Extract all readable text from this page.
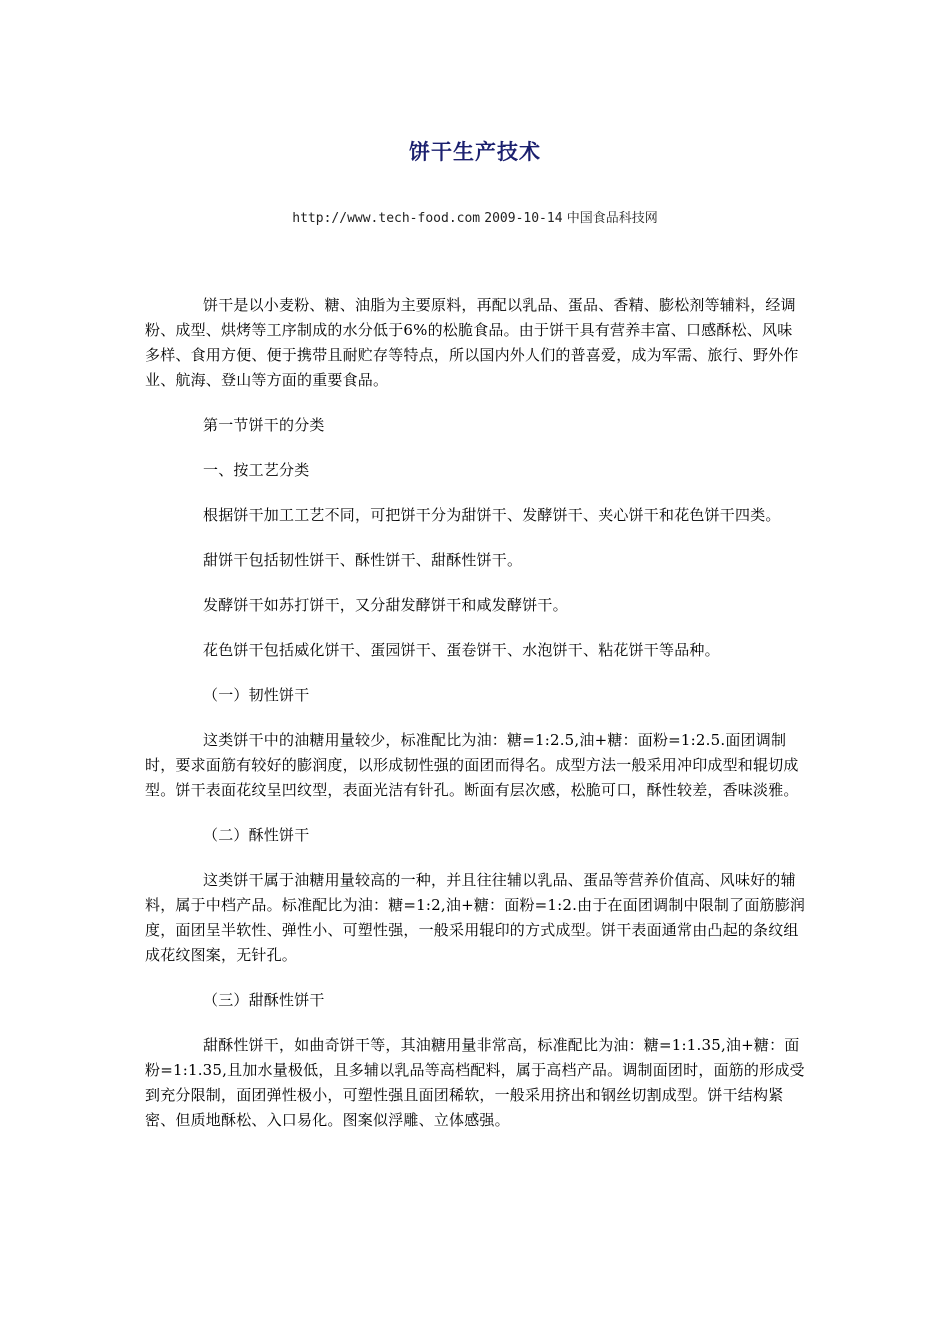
饼干生产技术
http://www.tech-food.com 2009-10-14 中国食品科技网

饼干是以小麦粉、糖、油脂为主要原料，再配以乳品、蛋品、香精、膨松剂等辅料，经调粉、成型、烘烤等工序制成的水分低于6%的松脆食品。由于饼干具有营养丰富、口感酥松、风味多样、食用方便、便于携带且耐贮存等特点，所以国内外人们的普喜爱，成为军需、旅行、野外作业、航海、登山等方面的重要食品。

第一节饼干的分类

一、按工艺分类

根据饼干加工工艺不同，可把饼干分为甜饼干、发酵饼干、夹心饼干和花色饼干四类。

甜饼干包括韧性饼干、酥性饼干、甜酥性饼干。

发酵饼干如苏打饼干，又分甜发酵饼干和咸发酵饼干。

花色饼干包括威化饼干、蛋园饼干、蛋卷饼干、水泡饼干、粘花饼干等品种。

（一）韧性饼干

这类饼干中的油糖用量较少，标准配比为油：糖=1:2.5,油+糖：面粉=1:2.5.面团调制时，要求面筋有较好的膨润度，以形成韧性强的面团而得名。成型方法一般采用冲印成型和辊切成型。饼干表面花纹呈凹纹型，表面光洁有针孔。断面有层次感，松脆可口，酥性较差，香味淡雅。

（二）酥性饼干

这类饼干属于油糖用量较高的一种，并且往往辅以乳品、蛋品等营养价值高、风味好的辅料，属于中档产品。标准配比为油：糖=1:2,油+糖：面粉=1:2.由于在面团调制中限制了面筋膨润度，面团呈半软性、弹性小、可塑性强，一般采用辊印的方式成型。饼干表面通常由凸起的条纹组成花纹图案，无针孔。

（三）甜酥性饼干

甜酥性饼干，如曲奇饼干等，其油糖用量非常高，标准配比为油：糖=1:1.35,油+糖：面粉=1:1.35,且加水量极低，且多辅以乳品等高档配料，属于高档产品。调制面团时，面筋的形成受到充分限制，面团弹性极小，可塑性强且面团稀软，一般采用挤出和钢丝切割成型。饼干结构紧密、但质地酥松、入口易化。图案似浮雕、立体感强。
